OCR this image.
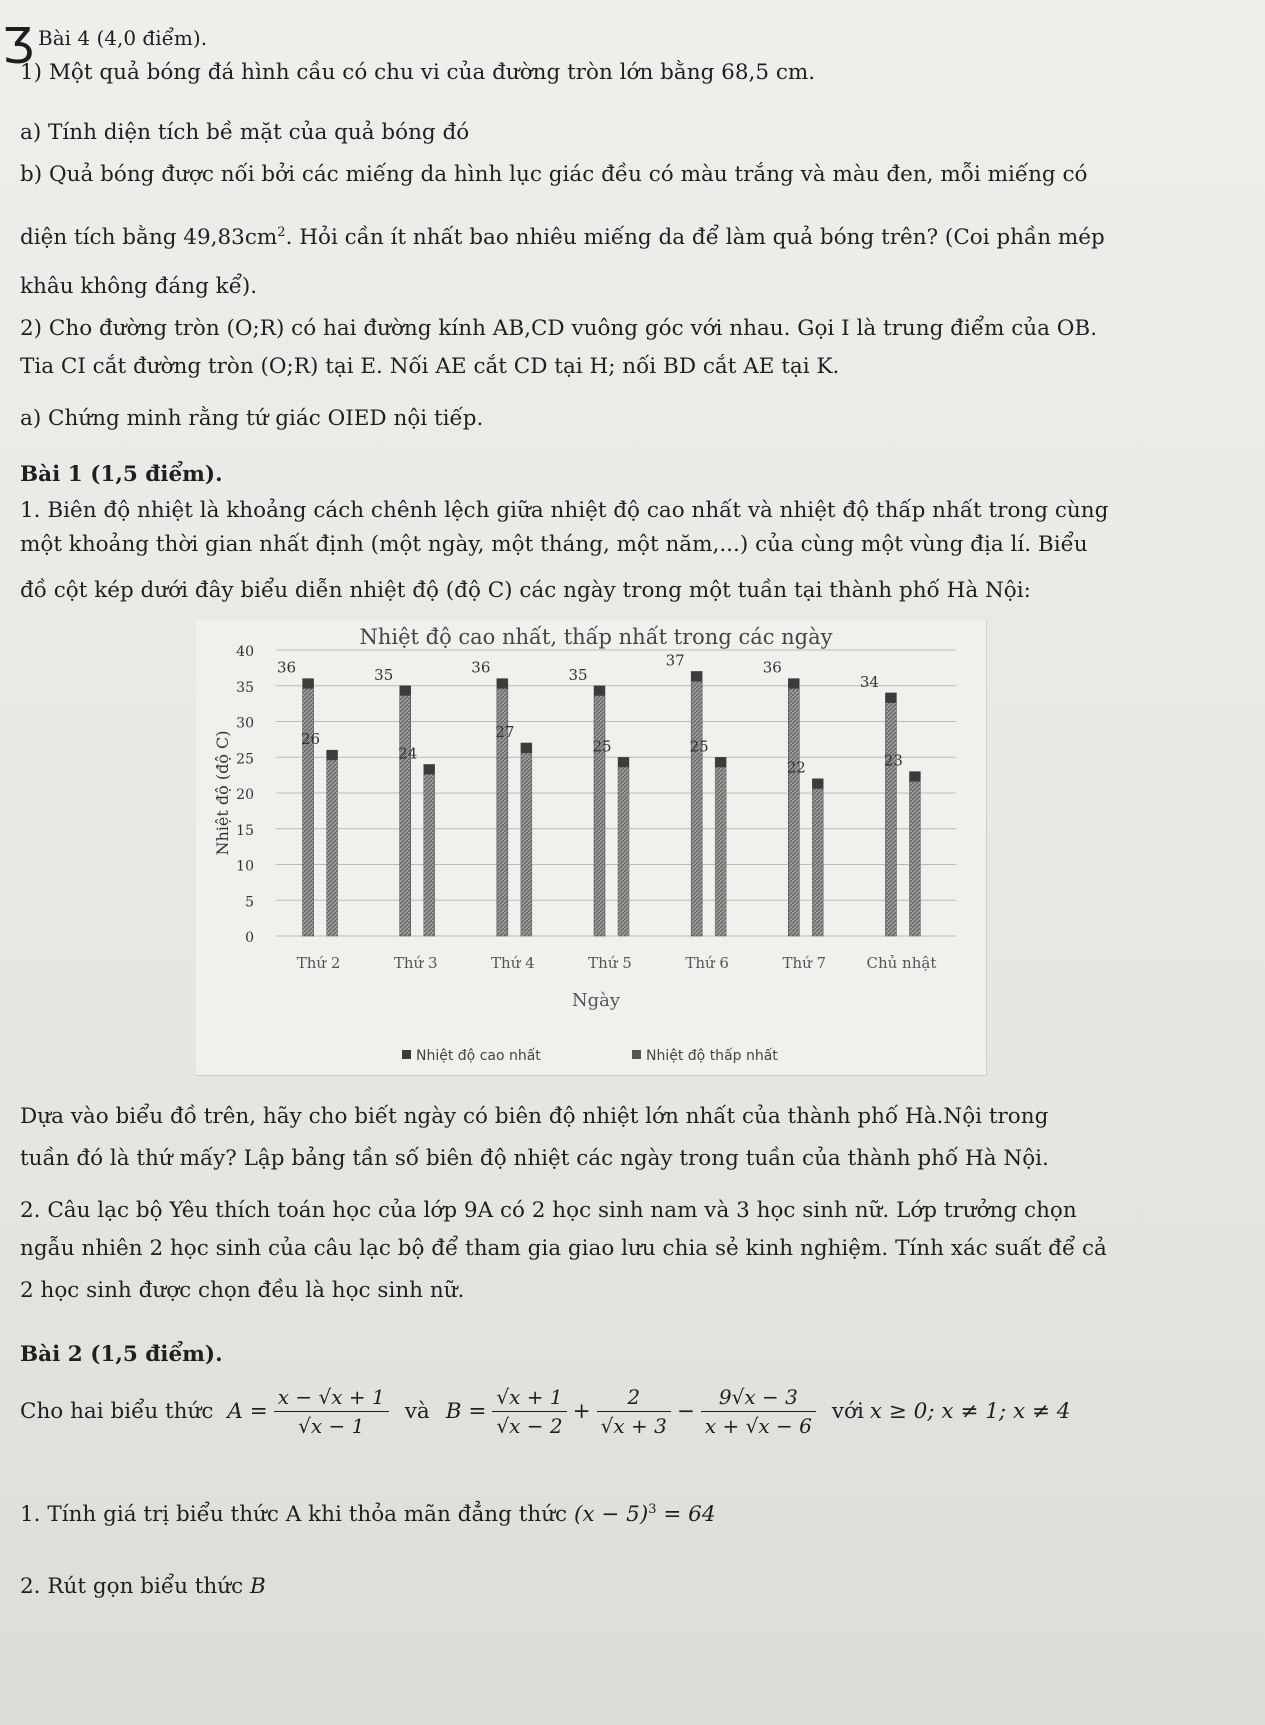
Ʒ Bài 4 (4,0 điểm).
1) Một quả bóng đá hình cầu có chu vi của đường tròn lớn bằng 68,5 cm.
a) Tính diện tích bề mặt của quả bóng đó
b) Quả bóng được nối bởi các miếng da hình lục giác đều có màu trắng và màu đen, mỗi miếng có
diện tích bằng $49,83cm^2$. Hỏi cần ít nhất bao nhiêu miếng da để làm quả bóng trên? (Coi phần mép
khâu không đáng kể).
2) Cho đường tròn (O;R) có hai đường kính AB,CD vuông góc với nhau. Gọi I là trung điểm của OB.
Tia CI cắt đường tròn (O;R) tại E. Nối AE cắt CD tại H; nối BD cắt AE tại K.
a) Chứng minh rằng tứ giác OIED nội tiếp.
Bài 1 (1,5 điểm).
1. Biên độ nhiệt là khoảng cách chênh lệch giữa nhiệt độ cao nhất và nhiệt độ thấp nhất trong cùng
một khoảng thời gian nhất định (một ngày, một tháng, một năm,...) của cùng một vùng địa lí. Biểu
đồ cột kép dưới đây biểu diễn nhiệt độ (độ C) các ngày trong một tuần tại thành phố Hà Nội:
Nhiệt độ cao nhất, thấp nhất trong các ngày
0
5
10
15
20
25
30
35
40
Nhiệt độ (độ C)
36
26
Thứ 2
35
24
Thứ 3
36
27
Thứ 4
35
25
Thứ 5
37
25
Thứ 6
36
22
Thứ 7
34
23
Chủ nhật
Ngày
Nhiệt độ cao nhất	Nhiệt độ thấp nhất
Dựa vào biểu đồ trên, hãy cho biết ngày có biên độ nhiệt lớn nhất của thành phố Hà.Nội trong
tuần đó là thứ mấy? Lập bảng tần số biên độ nhiệt các ngày trong tuần của thành phố Hà Nội.
2. Câu lạc bộ Yêu thích toán học của lớp 9A có 2 học sinh nam và 3 học sinh nữ. Lớp trưởng chọn
ngẫu nhiên 2 học sinh của câu lạc bộ để tham gia giao lưu chia sẻ kinh nghiệm. Tính xác suất để cả
2 học sinh được chọn đều là học sinh nữ.
Bài 2 (1,5 điểm).
Cho hai biểu thức $A = \frac{x - √x + 1}{√x - 1}$ và $B = \frac{√x + 1}{√x - 2} + \frac{2}{√x + 3} - \frac{9√x - 3}{x + √x - 6}$ với x ≥ 0; x ≠ 1; x ≠ 4
1. Tính giá trị biểu thức A khi thỏa mãn đẳng thức $(x - 5)^3 = 64$
2. Rút gọn biểu thức B
